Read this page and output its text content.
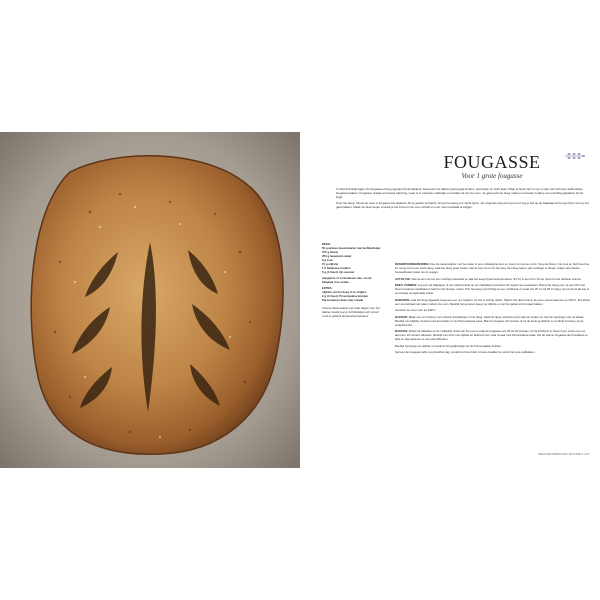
FOUGASSE
Voor 1 grote fougasse

In Zuid-Frankrijk liggen de fougasses hoog opgetast bij de bakkers, bestrooid met allerlei gedroogde kruiden, specerijen en zelfs kaas. Maar ja hoeft niet zo ver en kan ook zelf deze authentieke fougasse bakken. Fougasse vraagt een beetje planning, maar is in essentie makkelijk en smaakt vol van de oven. Je gaat eerst de deeg maken en kneden zodat je een prachtig gebakken brood krijgt.

Over het deeg: Vanuit de oven is fougasse het lekkerst. Als je gasten verwacht, kun je het deeg een nacht rijzen. De volgende dag vorm je het en leg je het op de bakplaat tot het ga rijzen voor je het gaat bakken. Maak de inkervingen voordat je het brood in de oven schuift om een mooi resultaat te krijgen.

DEEG:
50 g actieve desemstarter met luchtbelletjes
375 g bloem
250 g lauwwarm water
8 g zout
15 g olijfolie
1 tl Italiaanse kruiden
5 g (1 theel.) tijn zeezout
margarine of zonnebloem-olie, om de bakplaat in te vetten
EXTRA:
olijfolie om het deeg in te strijken
2 g (1 theel.) Provençaalse kruiden
Parmezaanse kaas naar smaak
Voed je desemstarter een paar dagen voor het bakken terwijl je al je luchtbelletjes wilt, brood moet je gebruik bij kamertemperatuur.

DESEMVOORBEREIDING: Doe de desemstarter met het water in een middelgrote kom en meng ze met een vork. Voeg de bloem, het zout en het brood toe en meng ze tot een zacht deeg. Laat het deeg goed rusten, dek de kom af en zet het weg. Het deeg laat je wat vochtiger of droger maken door kleine hoeveelheden water toe te voegen.

AUTOLYSE: Dek de kom af met een vochtige theedoek en laat het deeg bij kamertemperatuur (21°C) in een 8 tot 10 uur rijzen tot het dubbele volume.

DEEG VORMEN: Leg een vel bakpapier of een siliconenmat op een bakplaat en bestrooi dit royaal met meelresten. Breng het deeg over op een licht met bloem bestoven werkblad en laat het 10 minuten rusten. Plet het deeg voorzichtig tot een rechthoek of ovaal van 35 cm bij 25 cm lang. Het is prima als het er een beetje onregelmatig uitziet.

NARIJZEN: Laat het deeg afgedekt ongeveer een uur narijzen, tot het er luchtig uitziet. Tijdens het rijzen kun je de oven voorverwarmen op 240°C. Zet alvast een ovenschaal met water onderin de oven. Bestrijk het gerezen deeg met olijfolie en zet het gebak tot het gaat bakken.

Verwarm de oven voor tot 230°C.

BAKKEN: Maak met een scherp mes schuine insnijdingen in het deeg. Haal het deeg vanaf het eind naar de randen en trek de openingen iets uit elkaar. Bestrijk met olijfolie, bestrooi met de kruiden en de Parmezaanse kaas. Bak de fougasse 20 minuten of tot de korst goudbruin is en klinkt hol als je op de onderkant tikt.

BAKKEN: Schuif de bakplaat op de middelste richel van de oven en bak de fougasse een 25 tot 30 minuten, tot hij lichtbruin is. Neem hem uit de oven en laat hem 10 minuten afkoelen. Bestrijk hem licht met olijfolie en bestrooi hem naar smaak met Parmezaanse kaas. Zet de warme fougasse als brooddeel op tafel en laat iedereen er een stuk afbreken.

Bestrijk het deeg met olijfolie en bestrooi het gelijkmatig met de Provençaalse kruiden.

Serveer de fougasse liefst nog dezelfde dag, omdat het brood dan in beste kwaliteit is, wordt het snel oudbakken.

WEEKENDBROOD BAKKEN 107
